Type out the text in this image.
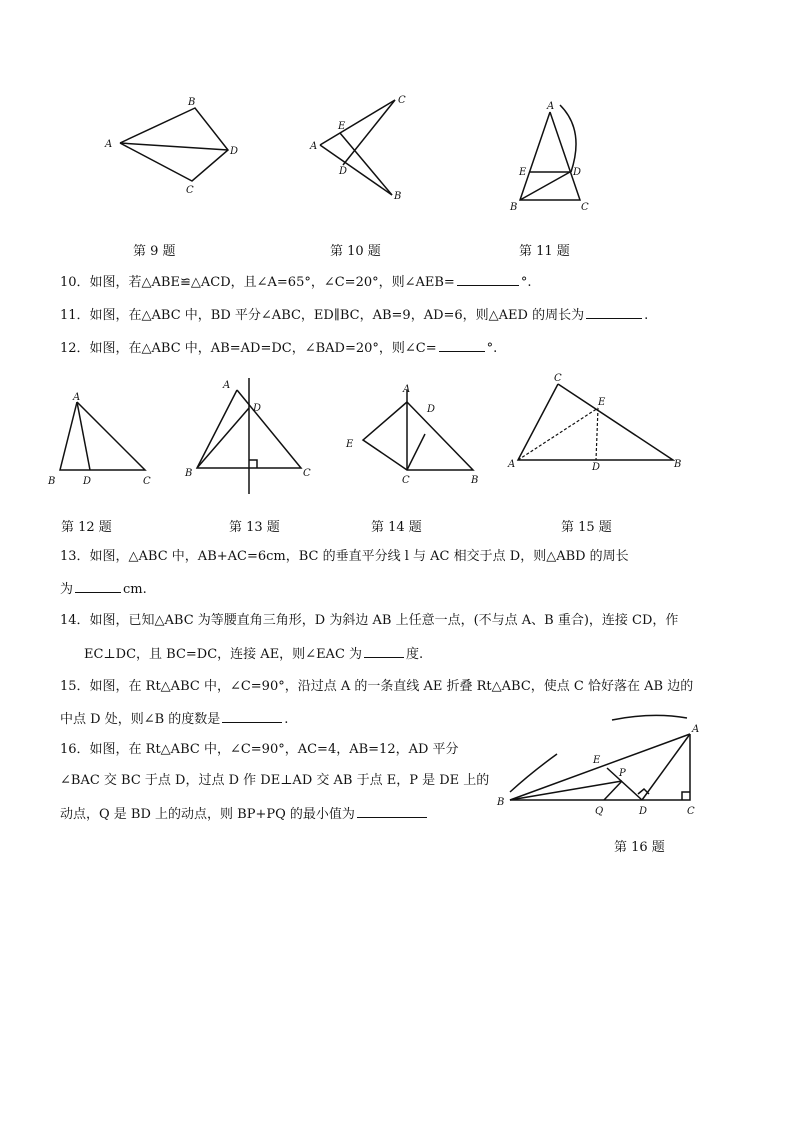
A
B
D
C
第 9 题
A
C
E
D
B
第 10 题
A
E	D
B	C
第 11 题
10．如图，若△ABE≌△ACD，且∠A=65°，∠C=20°，则∠AEB=	°.
11．如图，在△ABC 中，BD 平分∠ABC，ED∥BC，AB=9，AD=6，则△AED 的周长为	.
12．如图，在△ABC 中，AB=AD=DC，∠BAD=20°，则∠C=	°.
A
B	D	C
第 12 题
A
D
B	C
第 13 题
A
D
E
C	B
第 14 题
C
E
A	D	B
第 15 题
13．如图，△ABC 中，AB+AC=6cm，BC 的垂直平分线 l 与 AC 相交于点 D，则△ABD 的周长
为	cm.
14．如图，已知△ABC 为等腰直角三角形，D 为斜边 AB 上任意一点，(不与点 A、B 重合)，连接 CD，作
EC⊥DC，且 BC=DC，连接 AE，则∠EAC 为	度.
15．如图，在 Rt△ABC 中，∠C=90°，沿过点 A 的一条直线 AE 折叠 Rt△ABC，使点 C 恰好落在 AB 边的
中点 D 处，则∠B 的度数是	.
16．如图，在 Rt△ABC 中，∠C=90°，AC=4，AB=12，AD 平分
∠BAC 交 BC 于点 D，过点 D 作 DE⊥AD 交 AB 于点 E，P 是 DE 上的
动点，Q 是 BD 上的动点，则 BP+PQ 的最小值为
A
E
P
B
Q	D	C
第 16 题
